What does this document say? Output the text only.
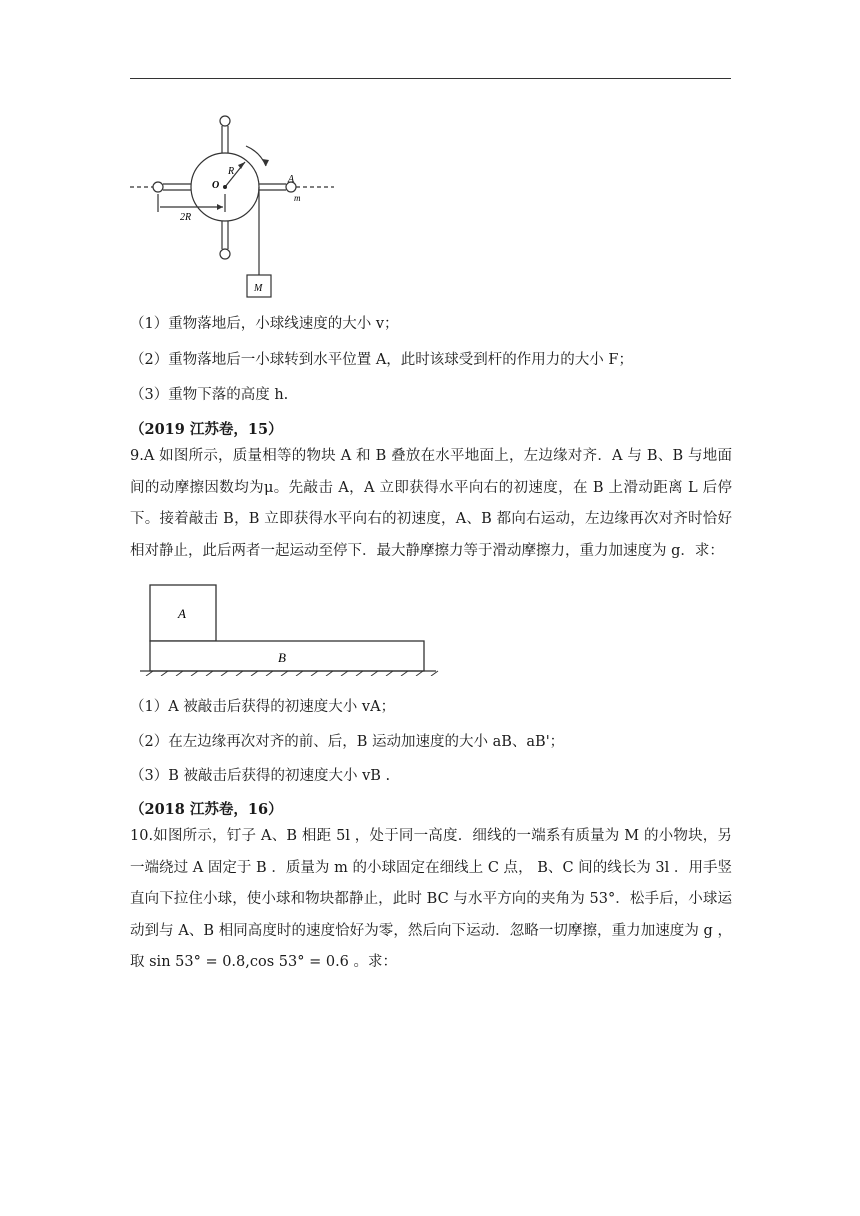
O
R
A
m
2R
M
（1）重物落地后，小球线速度的大小 v；
（2）重物落地后一小球转到水平位置 A，此时该球受到杆的作用力的大小 F；
（3）重物下落的高度 h.
（2019 江苏卷，15）
9.A 如图所示，质量相等的物块 A 和 B 叠放在水平地面上，左边缘对齐．A 与 B、B 与地面间的动摩擦因数均为μ。先敲击 A，A 立即获得水平向右的初速度，在 B 上滑动距离 L 后停下。接着敲击 B，B 立即获得水平向右的初速度，A、B 都向右运动，左边缘再次对齐时恰好相对静止，此后两者一起运动至停下．最大静摩擦力等于滑动摩擦力，重力加速度为 g．求：
A
B
（1）A 被敲击后获得的初速度大小 vA；
（2）在左边缘再次对齐的前、后，B 运动加速度的大小 aB、aB'；
（3）B 被敲击后获得的初速度大小 vB .
（2018 江苏卷，16）
10.如图所示，钉子 A、B 相距 5l ，处于同一高度．细线的一端系有质量为 M 的小物块，另一端绕过 A 固定于 B ．质量为 m 的小球固定在细线上 C 点， B、C 间的线长为 3l ．用手竖直向下拉住小球，使小球和物块都静止，此时 BC 与水平方向的夹角为 53°．松手后，小球运动到与 A、B 相同高度时的速度恰好为零，然后向下运动．忽略一切摩擦，重力加速度为 g ，取 sin 53° = 0.8,cos 53° = 0.6 。求：
